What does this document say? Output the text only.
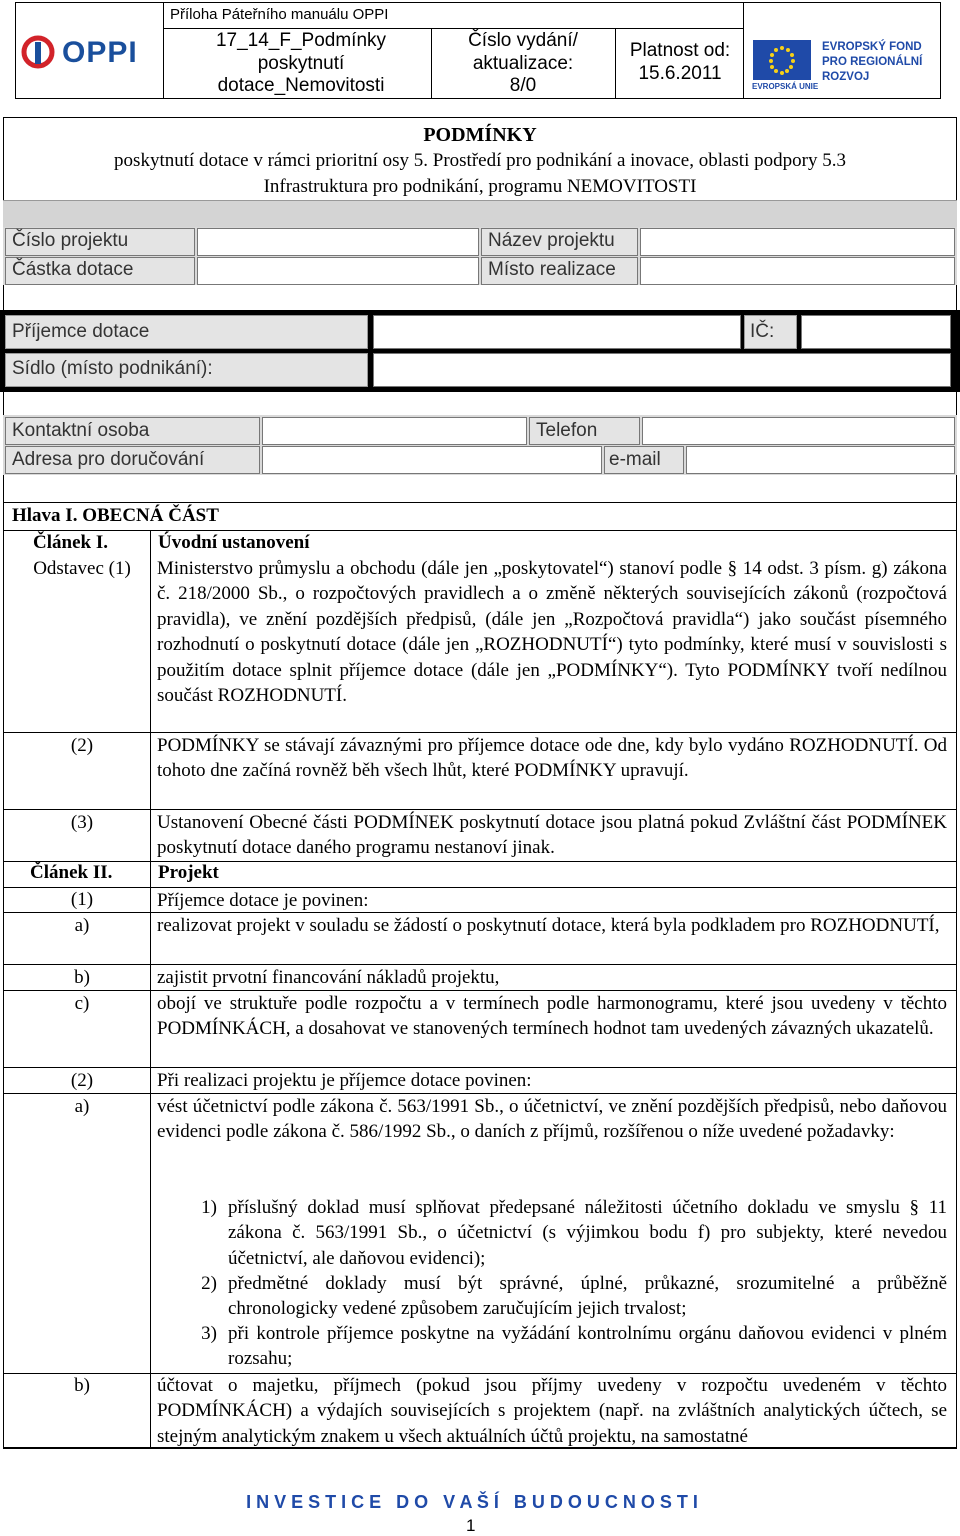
OPPI
Příloha Páteřního manuálu OPPI
17_14_F_Podmínky poskytnutí dotace_Nemovitosti
Číslo vydání/ aktualizace:
8/0
Platnost od:
15.6.2011
EVROPSKÁ UNIE
EVROPSKÝ FOND PRO REGIONÁLNÍ ROZVOJ
PODMÍNKY
poskytnutí dotace v rámci prioritní osy 5. Prostředí pro podnikání a inovace, oblasti podpory 5.3
Infrastruktura pro podnikání, programu NEMOVITOSTI
Číslo projektu	Název projektu
Částka dotace	Místo realizace
Příjemce dotace	IČ:
Sídlo (místo podnikání):
Kontaktní osoba	Telefon
Adresa pro doručování	e-mail
Hlava I. OBECNÁ ČÁST
Článek I.	Úvodní ustanovení
Odstavec (1)	Ministerstvo průmyslu a obchodu (dále jen „poskytovatel“) stanoví podle § 14 odst. 3 písm. g) zákona č. 218/2000 Sb., o rozpočtových pravidlech a o změně některých souvisejících zákonů (rozpočtová pravidla), ve znění pozdějších předpisů, (dále jen „Rozpočtová pravidla“) jako součást písemného rozhodnutí o poskytnutí dotace (dále jen „ROZHODNUTÍ“) tyto podmínky, které musí v souvislosti s použitím dotace splnit příjemce dotace (dále jen „PODMÍNKY“). Tyto PODMÍNKY tvoří nedílnou součást ROZHODNUTÍ.
(2)	PODMÍNKY se stávají závaznými pro příjemce dotace ode dne, kdy bylo vydáno ROZHODNUTÍ. Od tohoto dne začíná rovněž běh všech lhůt, které PODMÍNKY upravují.
(3)	Ustanovení Obecné části PODMÍNEK poskytnutí dotace jsou platná pokud Zvláštní část PODMÍNEK poskytnutí dotace daného programu nestanoví jinak.
Článek II. Projekt
(1)	Příjemce dotace je povinen:
a)	realizovat projekt v souladu se žádostí o poskytnutí dotace, která byla podkladem pro ROZHODNUTÍ,
b)	zajistit prvotní financování nákladů projektu,
c)	obojí ve struktuře podle rozpočtu a v termínech podle harmonogramu, které jsou uvedeny v těchto PODMÍNKÁCH, a dosahovat ve stanovených termínech hodnot tam uvedených závazných ukazatelů.
(2)	Při realizaci projektu je příjemce dotace povinen:
a)	vést účetnictví podle zákona č. 563/1991 Sb., o účetnictví, ve znění pozdějších předpisů, nebo daňovou evidenci podle zákona č. 586/1992 Sb., o daních z příjmů, rozšířenou o níže uvedené požadavky:
1) příslušný doklad musí splňovat předepsané náležitosti účetního dokladu ve smyslu § 11 zákona č. 563/1991 Sb., o účetnictví (s výjimkou bodu f) pro subjekty, které nevedou účetnictví, ale daňovou evidenci);
2) předmětné doklady musí být správné, úplné, průkazné, srozumitelné a průběžně chronologicky vedené způsobem zaručujícím jejich trvalost;
3) při kontrole příjemce poskytne na vyžádání kontrolnímu orgánu daňovou evidenci v plném rozsahu;
b)	účtovat o majetku, příjmech (pokud jsou příjmy uvedeny v rozpočtu uvedeném v těchto PODMÍNKÁCH) a výdajích souvisejících s projektem (např. na zvláštních analytických účtech, se stejným analytickým znakem u všech aktuálních účtů projektu, na samostatné
I N V E S T I C E   D O   V A Š Í   B U D O U C N O S T I
1
